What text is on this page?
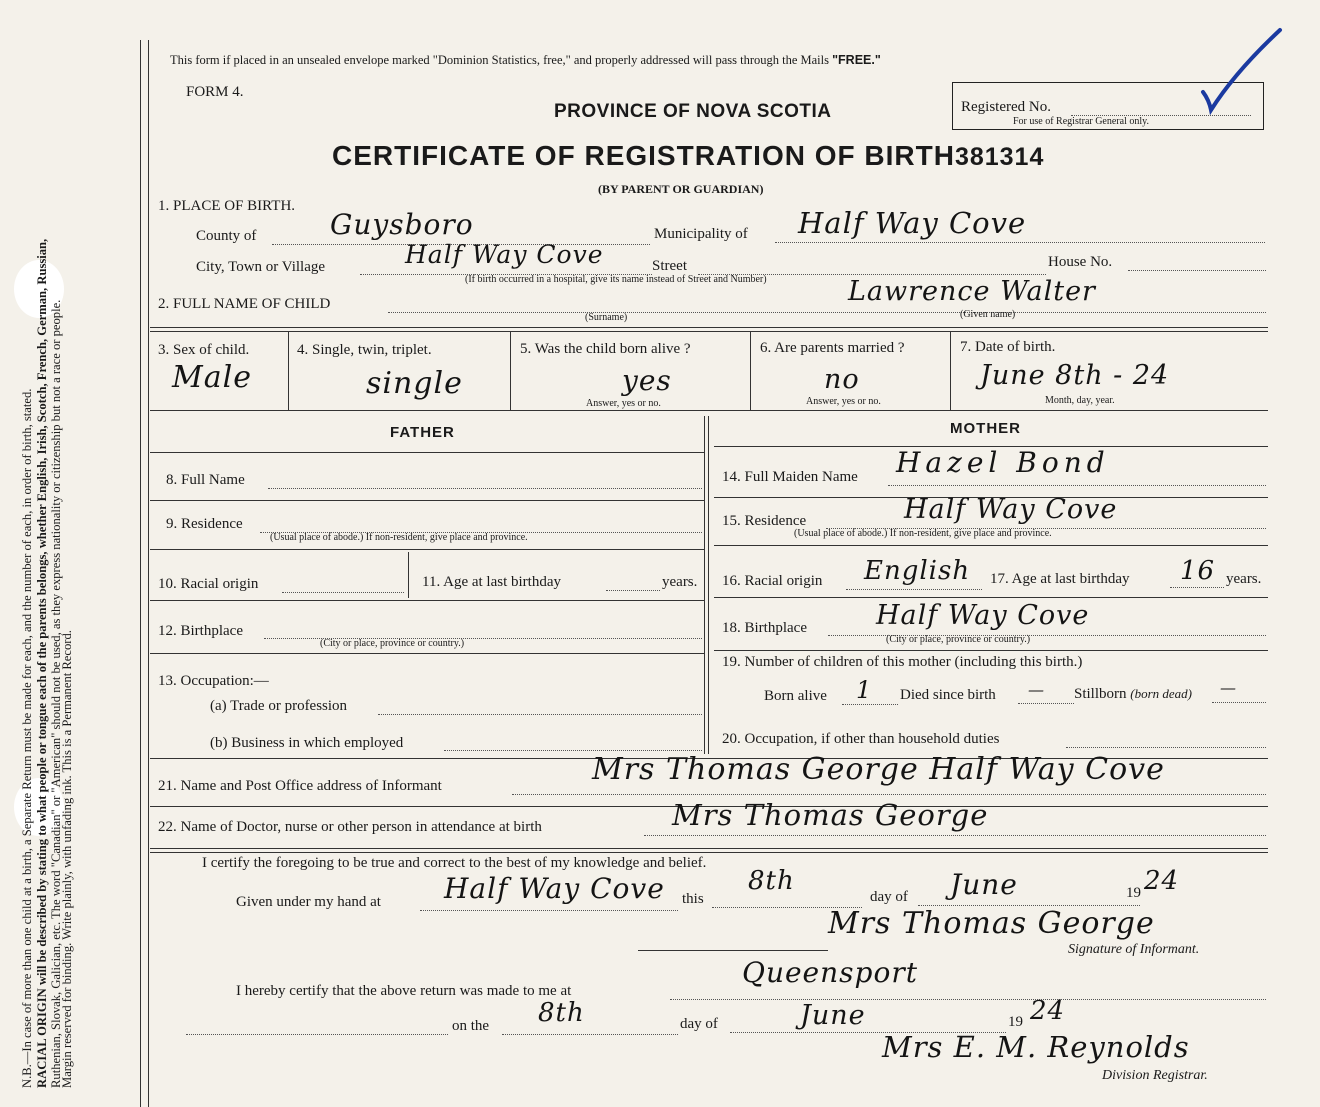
N.B.—In case of more than one child at a birth, a Separate Return must be made for each, and the number of each, in order of birth, stated. RACIAL ORIGIN will be described by stating to what people or tongue each of the parents belongs, whether English, Irish, Scotch, French, German, Russian, Ruthenian, Slovak, Galician, etc. The word "Canadian" or "American" should not be used, as they express nationality or citizenship but not a race or people.
Margin reserved for binding. Write plainly, with unfading ink. This is a Permanent Record.
This form if placed in an unsealed envelope marked "Dominion Statistics, free," and properly addressed will pass through the Mails "FREE."
FORM 4.
PROVINCE OF NOVA SCOTIA
CERTIFICATE OF REGISTRATION OF BIRTH381314
(BY PARENT OR GUARDIAN)
Registered No.
For use of Registrar General only.
1. PLACE OF BIRTH.
County of	Guysboro	Municipality of Half Way Cove
City, Town or Village	Half Way Cove	Street	House No.
(If birth occurred in a hospital, give its name instead of Street and Number)
2. FULL NAME OF CHILD
(Surname)
Lawrence Walter
(Given name)
3. Sex of child.
Male
4. Single, twin, triplet.
single
5. Was the child born alive ?
yes
Answer, yes or no.
6. Are parents married ?
no
Answer, yes or no.
7. Date of birth.
June 8th - 24
Month, day, year.
FATHER	MOTHER
8. Full Name
9. Residence
(Usual place of abode.) If non-resident, give place and province.
10. Racial origin	11. Age at last birthday	years.
12. Birthplace
(City or place, province or country.)
13. Occupation:—
(a) Trade or profession
(b) Business in which employed
14. Full Maiden Name Hazel Bond
15. Residence	Half Way Cove
(Usual place of abode.) If non-resident, give place and province.
16. Racial origin English 17. Age at last birthday 16 years.
18. Birthplace	Half Way Cove
(City or place, province or country.)
19. Number of children of this mother (including this birth.)
Born alive 1 Died since birth — Stillborn (born dead) —
20. Occupation, if other than household duties
21. Name and Post Office address of Informant	Mrs Thomas George Half Way Cove
22. Name of Doctor, nurse or other person in attendance at birth	Mrs Thomas George
I certify the foregoing to be true and correct to the best of my knowledge and belief.
Given under my hand at Half Way Cove this
8th
day of June	19 24
Mrs Thomas George
Signature of Informant.
I hereby certify that the above return was made to me at
Queensport
on the 8th	day of	June	19 24
Mrs E. M. Reynolds
Division Registrar.
